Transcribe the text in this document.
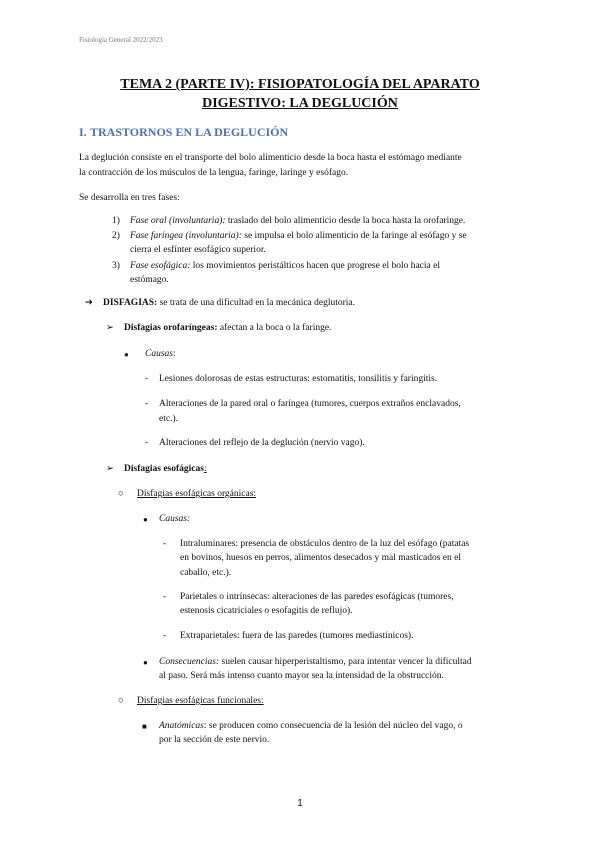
Fisiología General 2022/2023
TEMA 2 (PARTE IV): FISIOPATOLOGÍA DEL APARATO
DIGESTIVO: LA DEGLUCIÓN
I. TRASTORNOS EN LA DEGLUCIÓN
La deglución consiste en el transporte del bolo alimenticio desde la boca hasta el estómago mediante
la contracción de los músculos de la lengua, faringe, laringe y esófago.
Se desarrolla en tres fases:
1) Fase oral (involuntaria): traslado del bolo alimenticio desde la boca hasta la orofaringe.
2) Fase faríngea (involuntaria): se impulsa el bolo alimenticio de la faringe al esófago y se
cierra el esfínter esofágico superior.
3) Fase esofágica: los movimientos peristálticos hacen que progrese el bolo hacia el
estómago.
➔ DISFAGIAS: se trata de una dificultad en la mecánica deglutoria.
➢ Disfagias orofaríngeas: afectan a la boca o la faringe.
● Causas:
- Lesiones dolorosas de estas estructuras: estomatitis, tonsilitis y faringitis.
- Alteraciones de la pared oral o faríngea (tumores, cuerpos extraños enclavados,
etc.).
- Alteraciones del reflejo de la deglución (nervio vago).
➢ Disfagias esofágicas:
○ Disfagias esofágicas orgánicas:
● Causas:
- Intraluminares: presencia de obstáculos dentro de la luz del esófago (patatas
en bovinos, huesos en perros, alimentos desecados y mal masticados en el
caballo, etc.).
- Parietales o intrínsecas: alteraciones de las paredes esofágicas (tumores,
estenosis cicatriciales o esofagitis de reflujo).
- Extraparietales: fuera de las paredes (tumores mediastínicos).
● Consecuencias: suelen causar hiperperistaltismo, para intentar vencer la dificultad
al paso. Será más intenso cuanto mayor sea la intensidad de la obstrucción.
○ Disfagias esofágicas funcionales:
■ Anatómicas: se producen como consecuencia de la lesión del núcleo del vago, o
por la sección de este nervio.
1
